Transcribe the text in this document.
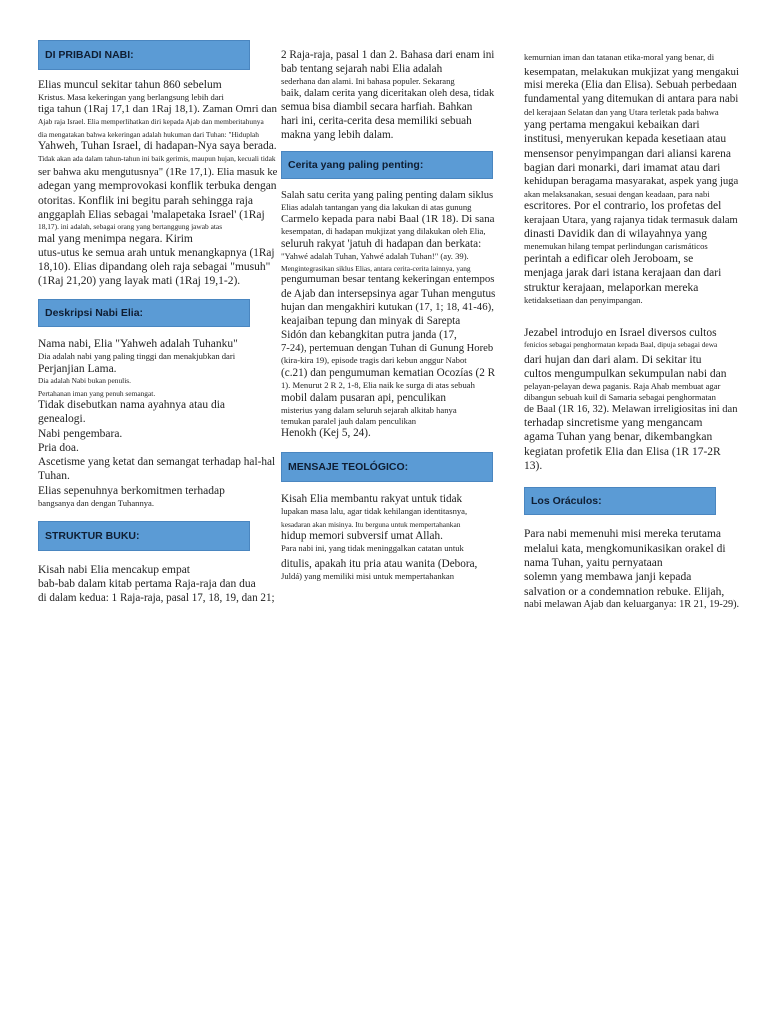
DI PRIBADI NABI:
Elias muncul sekitar tahun 860 sebelum
Kristus. Masa kekeringan yang berlangsung lebih dari
tiga tahun (1Raj 17,1 dan 1Raj 18,1). Zaman Omri dan
Ajab raja Israel. Elia memperlihatkan diri kepada Ajab dan memberitahunya
dia mengatakan bahwa kekeringan adalah hukuman dari Tuhan: "Hiduplah
Yahweh, Tuhan Israel, di hadapan-Nya saya berada.
Tidak akan ada dalam tahun-tahun ini baik gerimis, maupun hujan, kecuali tidak
ser bahwa aku mengutusnya" (1Re 17,1). Elia masuk ke
adegan yang memprovokasi konflik terbuka dengan
otoritas. Konflik ini begitu parah sehingga raja
anggaplah Elias sebagai 'malapetaka Israel' (1Raj
18,17). ini adalah, sebagai orang yang bertanggung jawab atas
mal yang menimpa negara. Kirim
utus-utus ke semua arah untuk menangkapnya (1Raj
18,10). Elias dipandang oleh raja sebagai "musuh"
(1Raj 21,20) yang layak mati (1Raj 19,1-2).
Deskripsi Nabi Elia:
Nama nabi, Elia "Yahweh adalah Tuhanku"
Dia adalah nabi yang paling tinggi dan menakjubkan dari
Perjanjian Lama.
Dia adalah Nabi bukan penulis.
Pertahanan iman yang penuh semangat.
Tidak disebutkan nama ayahnya atau dia
genealogi.
Nabi pengembara.
Pria doa.
Ascetisme yang ketat dan semangat terhadap hal-hal
Tuhan.
Elias sepenuhnya berkomitmen terhadap
bangsanya dan dengan Tuhannya.
STRUKTUR BUKU:
Kisah nabi Elia mencakup empat
bab-bab dalam kitab pertama Raja-raja dan dua
di dalam kedua: 1 Raja-raja, pasal 17, 18, 19, dan 21;
2 Raja-raja, pasal 1 dan 2. Bahasa dari enam ini
bab tentang sejarah nabi Elia adalah
sederhana dan alami. Ini bahasa populer. Sekarang
baik, dalam cerita yang diceritakan oleh desa, tidak
semua bisa diambil secara harfiah. Bahkan
hari ini, cerita-cerita desa memiliki sebuah
makna yang lebih dalam.
Cerita yang paling penting:
Salah satu cerita yang paling penting dalam siklus
Elias adalah tantangan yang dia lakukan di atas gunung
Carmelo kepada para nabi Baal (1R 18). Di sana
kesempatan, di hadapan mukjizat yang dilakukan oleh Elia,
seluruh rakyat 'jatuh di hadapan dan berkata:
"Yahwé adalah Tuhan, Yahwé adalah Tuhan!" (ay. 39).
Mengintegrasikan siklus Elias, antara cerita-cerita lainnya, yang
pengumuman besar tentang kekeringan entempos
de Ajab dan intersepsinya agar Tuhan mengutus
hujan dan mengakhiri kutukan (17, 1; 18, 41-46),
keajaiban tepung dan minyak di Sarepta
Sidón dan kebangkitan putra janda (17,
7-24), pertemuan dengan Tuhan di Gunung Horeb
(kira-kira 19), episode tragis dari kebun anggur Nabot
(c.21) dan pengumuman kematian Ocozías (2 R
1). Menurut 2 R 2, 1-8, Elia naik ke surga di atas sebuah
mobil dalam pusaran api, penculikan
misterius yang dalam seluruh sejarah alkitab hanya
temukan paralel jauh dalam penculikan
Henokh (Kej 5, 24).
MENSAJE TEOLÓGICO:
Kisah Elia membantu rakyat untuk tidak
lupakan masa lalu, agar tidak kehilangan identitasnya,
kesadaran akan misinya. Itu berguna untuk mempertahankan
hidup memori subversif umat Allah.
Para nabi ini, yang tidak meninggalkan catatan untuk
ditulis, apakah itu pria atau wanita (Debora,
Juldá) yang memiliki misi untuk mempertahankan
kemurnian iman dan tatanan etika-moral yang benar, di
kesempatan, melakukan mukjizat yang mengakui
misi mereka (Elia dan Elisa). Sebuah perbedaan
fundamental yang ditemukan di antara para nabi
del kerajaan Selatan dan yang Utara terletak pada bahwa
yang pertama mengakui kebaikan dari
institusi, menyerukan kepada kesetiaan atau
mensensor penyimpangan dari aliansi karena
bagian dari monarki, dari imamat atau dari
kehidupan beragama masyarakat, aspek yang juga
akan melaksanakan, sesuai dengan keadaan, para nabi
escritores. Por el contrario, los profetas del
kerajaan Utara, yang rajanya tidak termasuk dalam
dinasti Davidik dan di wilayahnya yang
menemukan hilang tempat perlindungan carismáticos
perintah a edificar oleh Jeroboam, se
menjaga jarak dari istana kerajaan dan dari
struktur kerajaan, melaporkan mereka
ketidaksetiaan dan penyimpangan.
Jezabel introdujo en Israel diversos cultos
fenicios sebagai penghormatan kepada Baal, dipuja sebagai dewa
dari hujan dan dari alam. Di sekitar itu
cultos mengumpulkan sekumpulan nabi dan
pelayan-pelayan dewa paganis. Raja Ahab membuat agar
dibangun sebuah kuil di Samaria sebagai penghormatan
de Baal (1R 16, 32). Melawan irreligiositas ini dan
terhadap sincretisme yang mengancam
agama Tuhan yang benar, dikembangkan
kegiatan profetik Elia dan Elisa (1R 17-2R
13).
Los Oráculos:
Para nabi memenuhi misi mereka terutama
melalui kata, mengkomunikasikan orakel di
nama Tuhan, yaitu pernyataan
solemn yang membawa janji kepada
salvation or a condemnation rebuke. Elijah,
nabi melawan Ajab dan keluarganya: 1R 21, 19-29).
